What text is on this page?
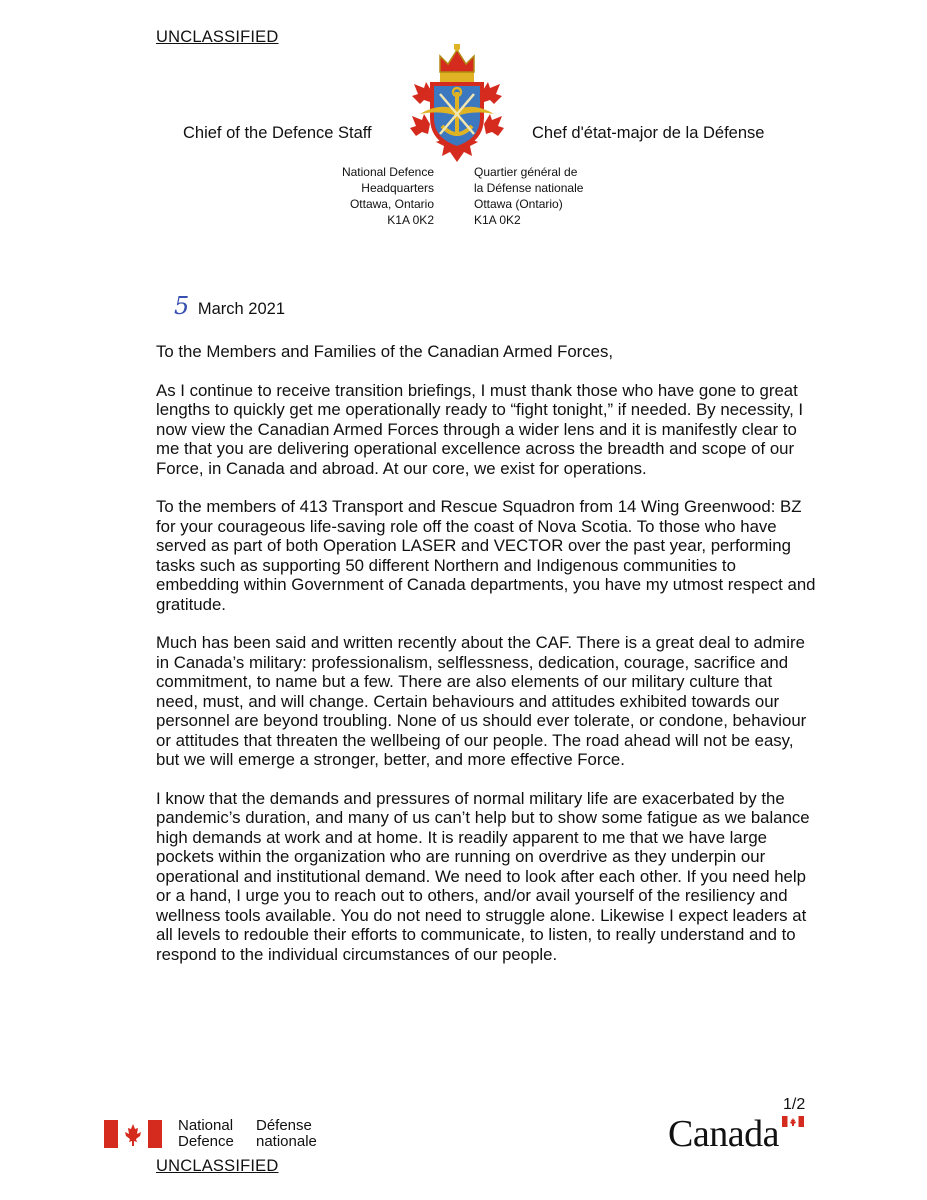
UNCLASSIFIED
Chief of the Defence Staff	Chef d'état-major de la Défense
National Defence
Headquarters
Ottawa, Ontario
K1A 0K2
Quartier général de
la Défense nationale
Ottawa (Ontario)
K1A 0K2
5 March 2021

To the Members and Families of the Canadian Armed Forces,

As I continue to receive transition briefings, I must thank those who have gone to great lengths to quickly get me operationally ready to “fight tonight,” if needed. By necessity, I now view the Canadian Armed Forces through a wider lens and it is manifestly clear to me that you are delivering operational excellence across the breadth and scope of our Force, in Canada and abroad. At our core, we exist for operations.

To the members of 413 Transport and Rescue Squadron from 14 Wing Greenwood: BZ for your courageous life-saving role off the coast of Nova Scotia. To those who have served as part of both Operation LASER and VECTOR over the past year, performing tasks such as supporting 50 different Northern and Indigenous communities to embedding within Government of Canada departments, you have my utmost respect and gratitude.

Much has been said and written recently about the CAF. There is a great deal to admire in Canada’s military: professionalism, selflessness, dedication, courage, sacrifice and commitment, to name but a few. There are also elements of our military culture that need, must, and will change. Certain behaviours and attitudes exhibited towards our personnel are beyond troubling. None of us should ever tolerate, or condone, behaviour or attitudes that threaten the wellbeing of our people. The road ahead will not be easy, but we will emerge a stronger, better, and more effective Force.

I know that the demands and pressures of normal military life are exacerbated by the pandemic’s duration, and many of us can’t help but to show some fatigue as we balance high demands at work and at home. It is readily apparent to me that we have large pockets within the organization who are running on overdrive as they underpin our operational and institutional demand. We need to look after each other. If you need help or a hand, I urge you to reach out to others, and/or avail yourself of the resiliency and wellness tools available. You do not need to struggle alone. Likewise I expect leaders at all levels to redouble their efforts to communicate, to listen, to really understand and to respond to the individual circumstances of our people.

National
Defence
Défense
nationale
1/2
Canada
UNCLASSIFIED
